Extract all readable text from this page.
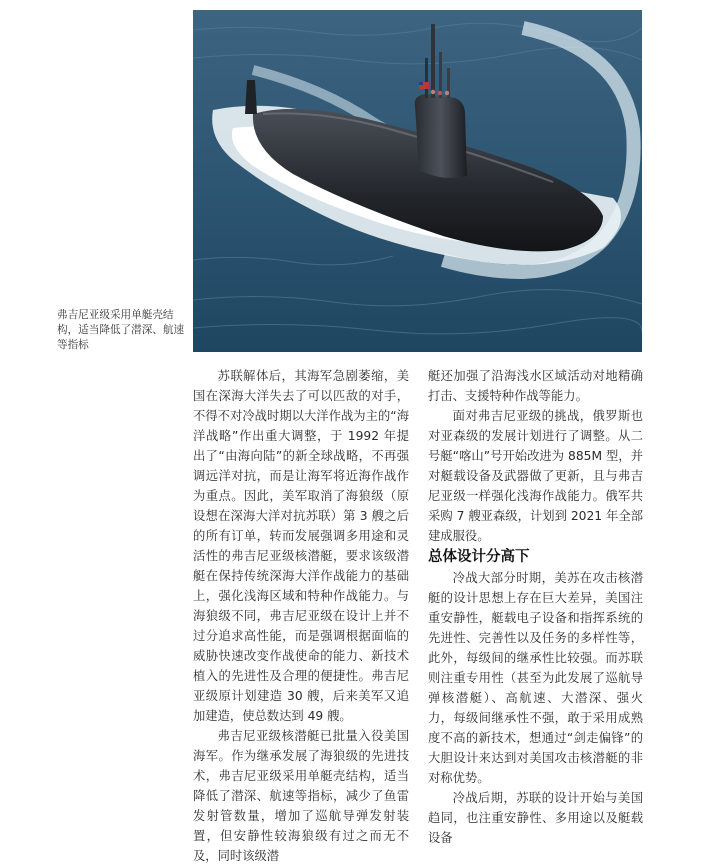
弗吉尼亚级采用单艇壳结构，适当降低了潜深、航速等指标

苏联解体后，其海军急剧萎缩，美国在深海大洋失去了可以匹敌的对手，不得不对冷战时期以大洋作战为主的“海洋战略”作出重大调整，于 1992 年提出了“由海向陆”的新全球战略，不再强调远洋对抗，而是让海军将近海作战作为重点。因此，美军取消了海狼级（原设想在深海大洋对抗苏联）第 3 艘之后的所有订单，转而发展强调多用途和灵活性的弗吉尼亚级核潜艇，要求该级潜艇在保持传统深海大洋作战能力的基础上，强化浅海区域和特种作战能力。与海狼级不同，弗吉尼亚级在设计上并不过分追求高性能，而是强调根据面临的威胁快速改变作战使命的能力、新技术植入的先进性及合理的便捷性。弗吉尼亚级原计划建造 30 艘，后来美军又追加建造，使总数达到 49 艘。

弗吉尼亚级核潜艇已批量入役美国海军。作为继承发展了海狼级的先进技术，弗吉尼亚级采用单艇壳结构，适当降低了潜深、航速等指标，减少了鱼雷发射管数量，增加了巡航导弹发射装置，但安静性较海狼级有过之而无不及，同时该级潜

艇还加强了沿海浅水区域活动对地精确打击、支援特种作战等能力。

面对弗吉尼亚级的挑战，俄罗斯也对亚森级的发展计划进行了调整。从二号艇“喀山”号开始改进为 885M 型，并对艇载设备及武器做了更新，且与弗吉尼亚级一样强化浅海作战能力。俄军共采购 7 艘亚森级，计划到 2021 年全部建成服役。

总体设计分高下

冷战大部分时期，美苏在攻击核潜艇的设计思想上存在巨大差异，美国注重安静性，艇载电子设备和指挥系统的先进性、完善性以及任务的多样性等，此外，每级间的继承性比较强。而苏联则注重专用性（甚至为此发展了巡航导弹核潜艇）、高航速、大潜深、强火力，每级间继承性不强，敢于采用成熟度不高的新技术，想通过“剑走偏锋”的大胆设计来达到对美国攻击核潜艇的非对称优势。

冷战后期，苏联的设计开始与美国趋同，也注重安静性、多用途以及艇载设备
